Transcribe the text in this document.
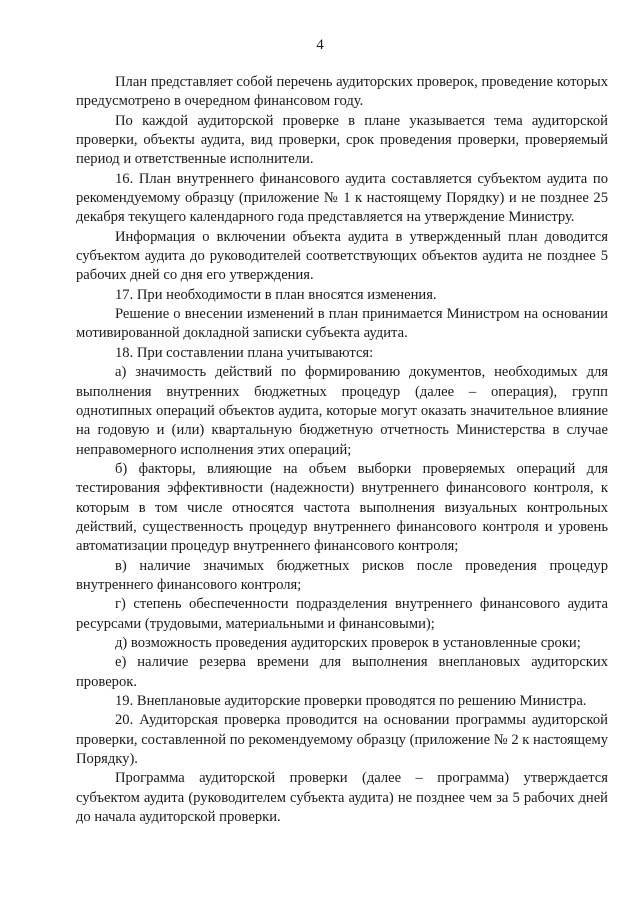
4

План представляет собой перечень аудиторских проверок, проведение которых предусмотрено в очередном финансовом году.

По каждой аудиторской проверке в плане указывается тема аудиторской проверки, объекты аудита, вид проверки, срок проведения проверки, проверяемый период и ответственные исполнители.

16. План внутреннего финансового аудита составляется субъектом аудита по рекомендуемому образцу (приложение № 1 к настоящему Порядку) и не позднее 25 декабря текущего календарного года представляется на утверждение Министру.

Информация о включении объекта аудита в утвержденный план доводится субъектом аудита до руководителей соответствующих объектов аудита не позднее 5 рабочих дней со дня его утверждения.

17. При необходимости в план вносятся изменения.

Решение о внесении изменений в план принимается Министром на основании мотивированной докладной записки субъекта аудита.

18. При составлении плана учитываются:

а) значимость действий по формированию документов, необходимых для выполнения внутренних бюджетных процедур (далее – операция), групп однотипных операций объектов аудита, которые могут оказать значительное влияние на годовую и (или) квартальную бюджетную отчетность Министерства в случае неправомерного исполнения этих операций;

б) факторы, влияющие на объем выборки проверяемых операций для тестирования эффективности (надежности) внутреннего финансового контроля, к которым в том числе относятся частота выполнения визуальных контрольных действий, существенность процедур внутреннего финансового контроля и уровень автоматизации процедур внутреннего финансового контроля;

в) наличие значимых бюджетных рисков после проведения процедур внутреннего финансового контроля;

г) степень обеспеченности подразделения внутреннего финансового аудита ресурсами (трудовыми, материальными и финансовыми);

д) возможность проведения аудиторских проверок в установленные сроки;

е) наличие резерва времени для выполнения внеплановых аудиторских проверок.

19. Внеплановые аудиторские проверки проводятся по решению Министра.

20. Аудиторская проверка проводится на основании программы аудиторской проверки, составленной по рекомендуемому образцу (приложение № 2 к настоящему Порядку).

Программа аудиторской проверки (далее – программа) утверждается субъектом аудита (руководителем субъекта аудита) не позднее чем за 5 рабочих дней до начала аудиторской проверки.
